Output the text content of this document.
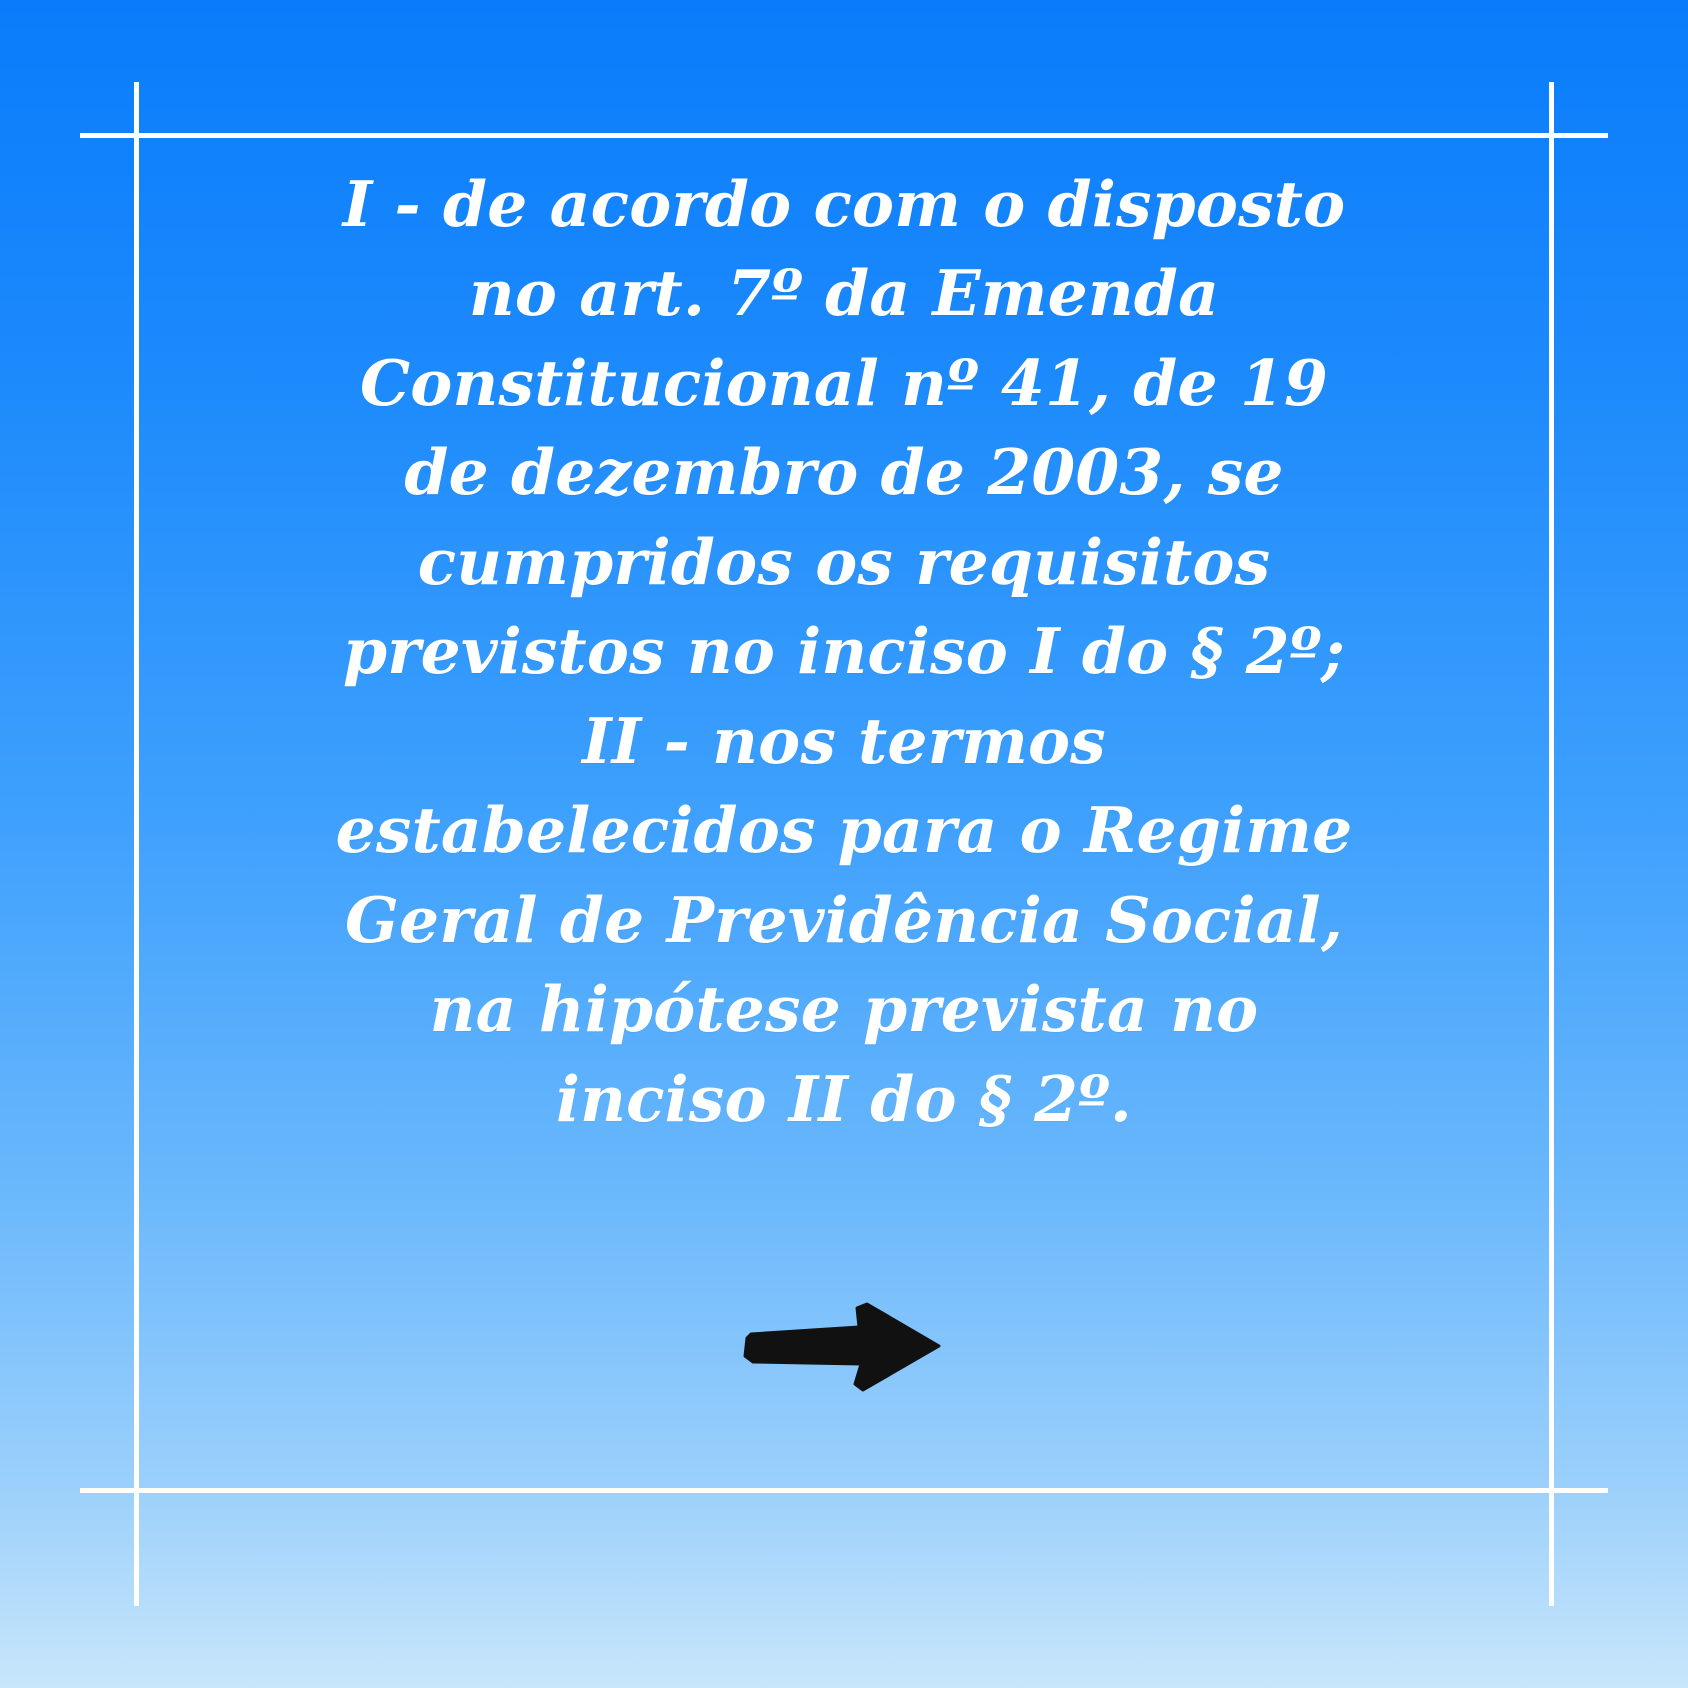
I - de acordo com o disposto no art. 7º da Emenda Constitucional nº 41, de 19 de dezembro de 2003, se cumpridos os requisitos previstos no inciso I do § 2º;

II - nos termos estabelecidos para o Regime Geral de Previdência Social, na hipótese prevista no inciso II do § 2º.
